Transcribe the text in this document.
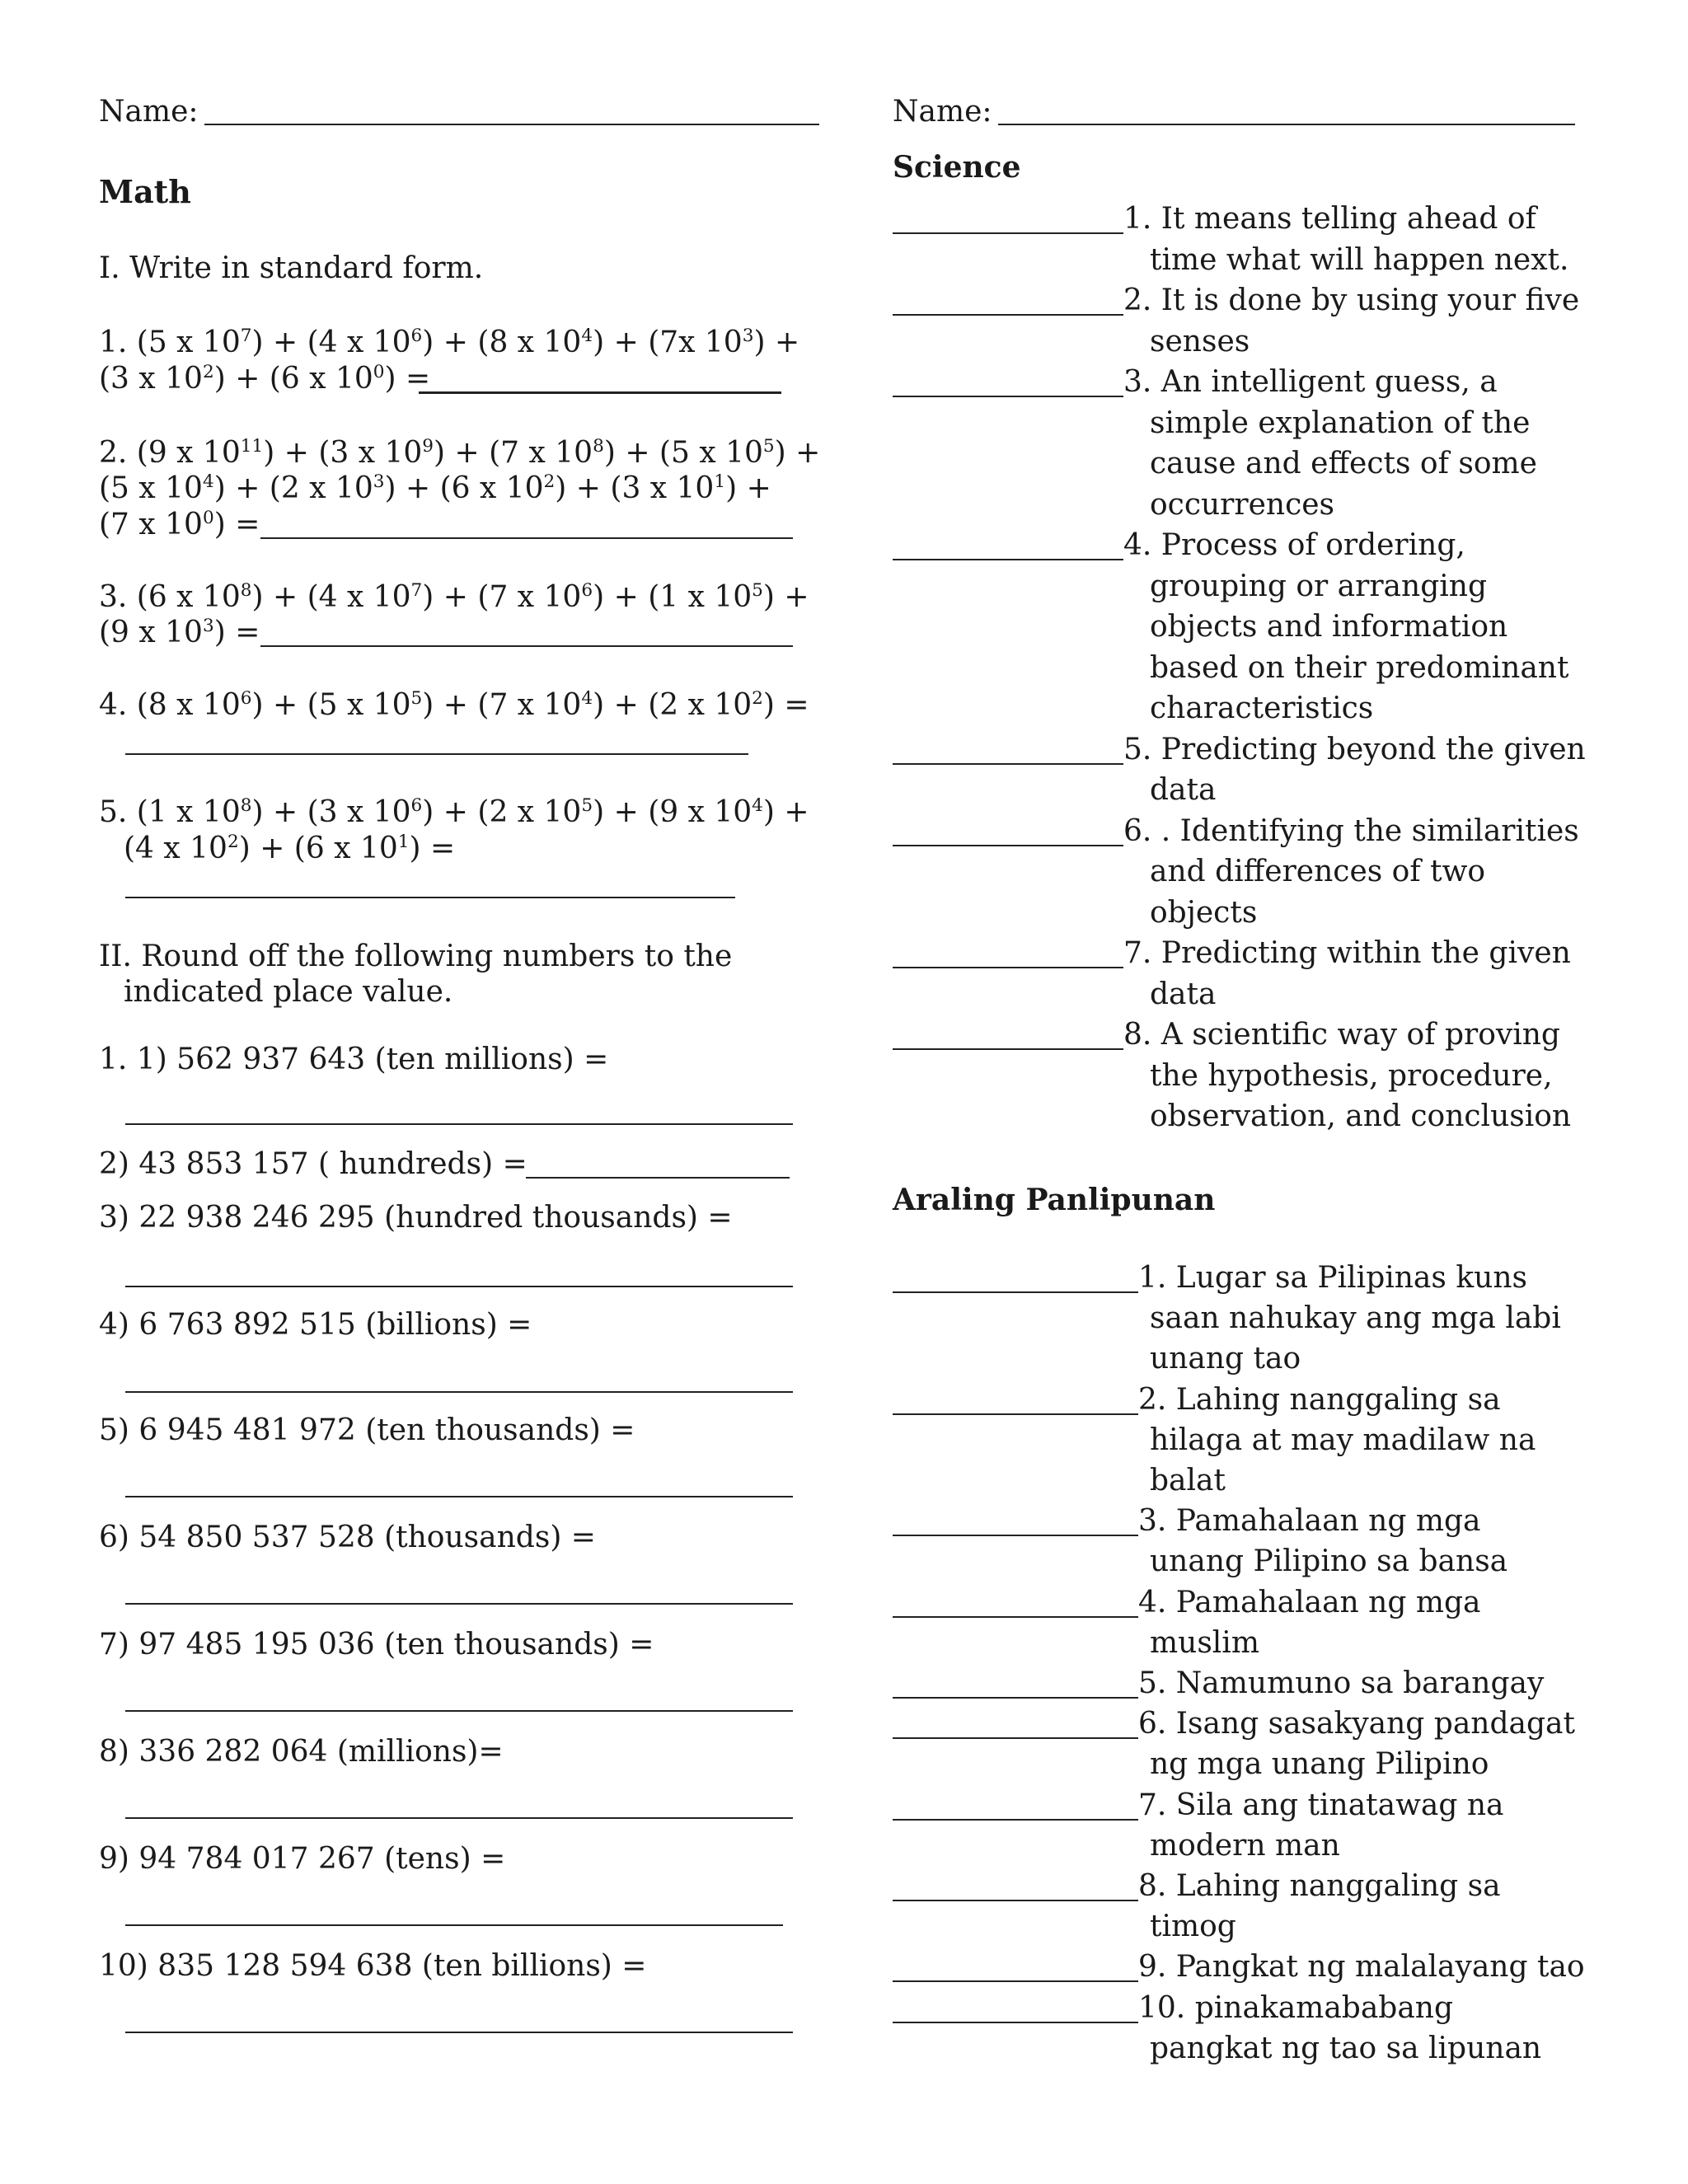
Name:
Math
I. Write in standard form.
1. (5 x $10^7) + (4$ x $10^6) + (8$ x $10^4) + (7x$ $10^3$) +
(3 x $10^2) + (6$ x $10^0$) =
2. (9 x $10^{11}) + (3$ x $10^9) + (7$ x $10^8) + (5$ x $10^5$) +
(5 x $10^4) + (2$ x $10^3) + (6$ x $10^2) + (3$ x $10^1$) +
(7 x $10^0$) =
3. (6 x $10^8) + (4$ x $10^7) + (7$ x $10^6) + (1$ x $10^5$) +
(9 x $10^3$) =
4. (8 x $10^6) + (5$ x $10^5) + (7$ x $10^4) + (2$ x $10^2$) =
5. (1 x $10^8) + (3$ x $10^6) + (2$ x $10^5) + (9$ x $10^4$) +
(4 x $10^2) + (6$ x $10^1$) =
II. Round off the following numbers to the
indicated place value.
1. 1) 562 937 643 (ten millions) =
2) 43 853 157 ( hundreds) =
3) 22 938 246 295 (hundred thousands) =
4) 6 763 892 515 (billions) =
5) 6 945 481 972 (ten thousands) =
6) 54 850 537 528 (thousands) =
7) 97 485 195 036 (ten thousands) =
8) 336 282 064 (millions)=
9) 94 784 017 267 (tens) =
10) 835 128 594 638 (ten billions) =
Name:
Science
1. It means telling ahead of
time what will happen next.
2. It is done by using your five
senses
3. An intelligent guess, a
simple explanation of the
cause and effects of some
occurrences
4. Process of ordering,
grouping or arranging
objects and information
based on their predominant
characteristics
5. Predicting beyond the given
data
6. . Identifying the similarities
and differences of two
objects
7. Predicting within the given
data
8. A scientific way of proving
the hypothesis, procedure,
observation, and conclusion
Araling Panlipunan
1. Lugar sa Pilipinas kuns
saan nahukay ang mga labi
unang tao
2. Lahing nanggaling sa
hilaga at may madilaw na
balat
3. Pamahalaan ng mga
unang Pilipino sa bansa
4. Pamahalaan ng mga
muslim
5. Namumuno sa barangay
6. Isang sasakyang pandagat
ng mga unang Pilipino
7. Sila ang tinatawag na
modern man
8. Lahing nanggaling sa
timog
9. Pangkat ng malalayang tao
10. pinakamababang
pangkat ng tao sa lipunan
